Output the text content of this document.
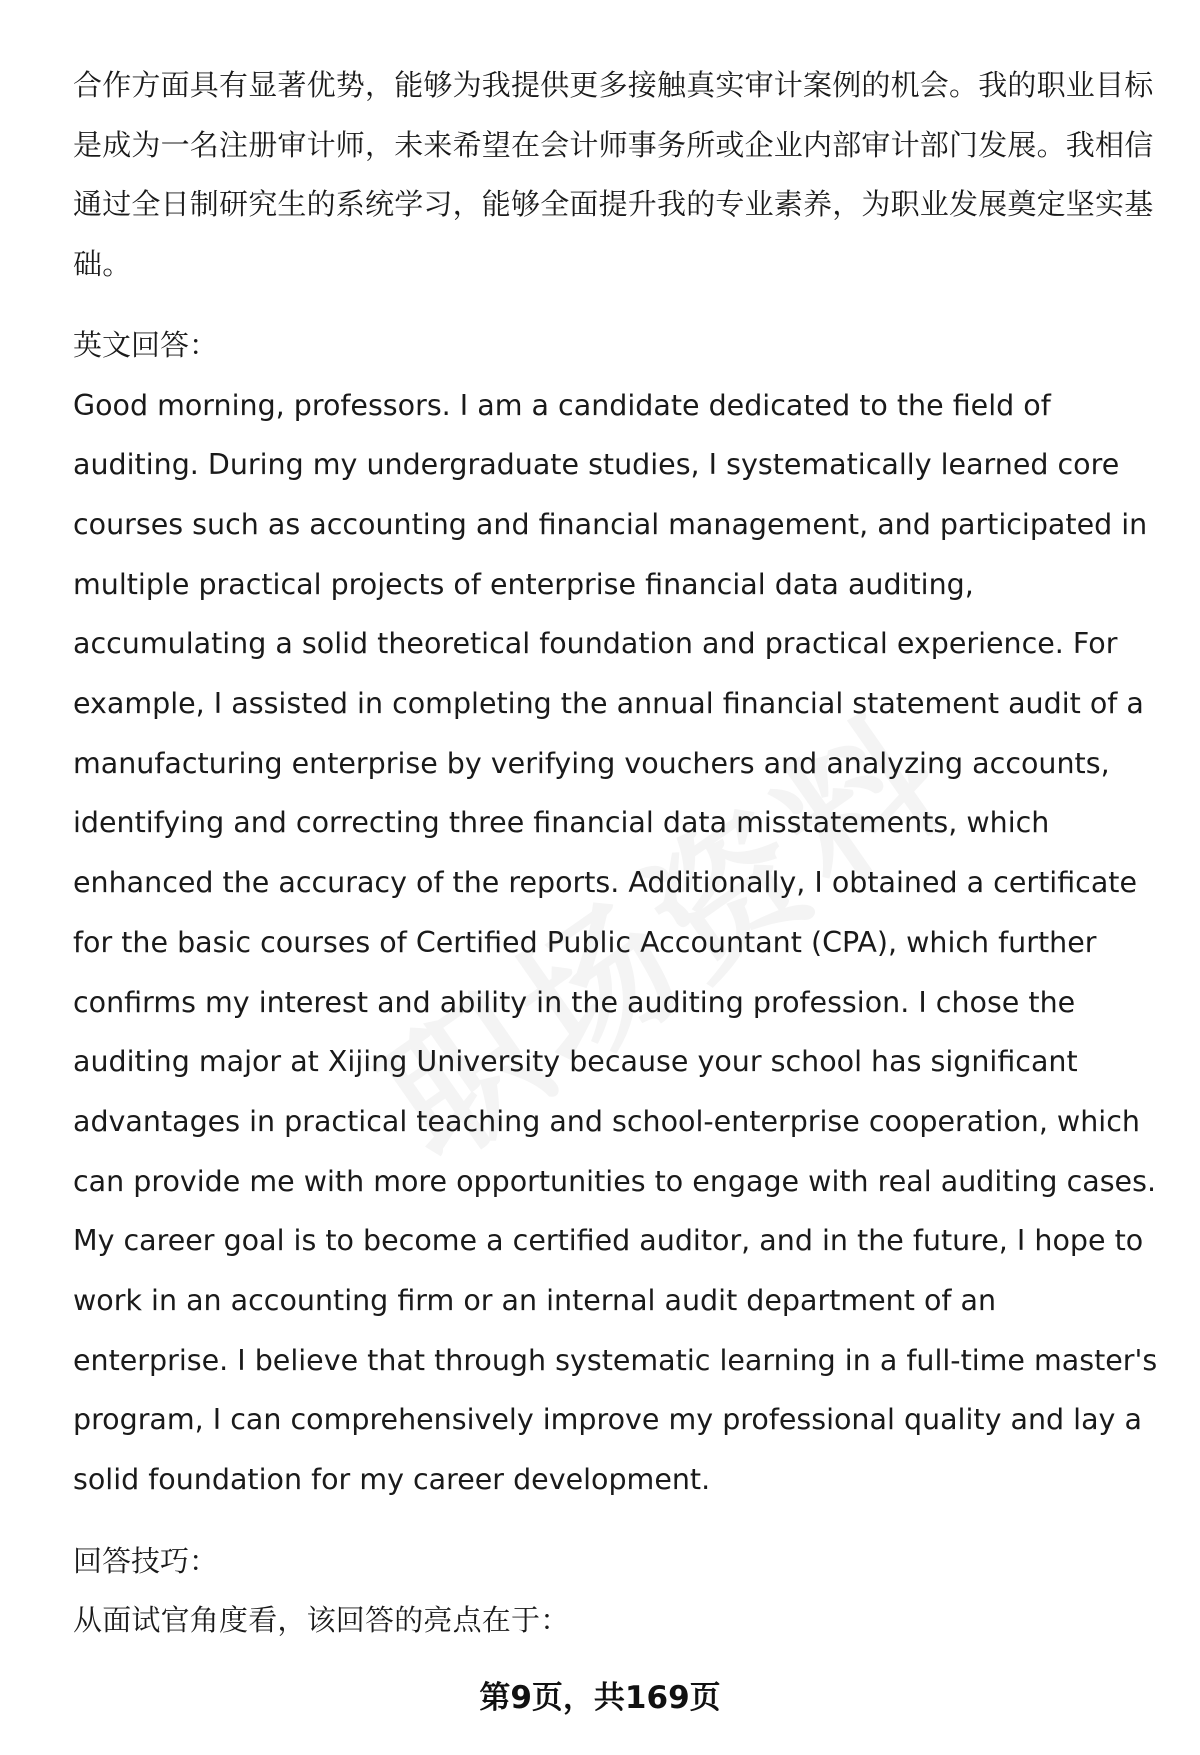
合作方面具有显著优势，能够为我提供更多接触真实审计案例的机会。我的职业目标是成为一名注册审计师，未来希望在会计师事务所或企业内部审计部门发展。我相信通过全日制研究生的系统学习，能够全面提升我的专业素养，为职业发展奠定坚实基础。

英文回答：

Good morning, professors. I am a candidate dedicated to the field of auditing. During my undergraduate studies, I systematically learned core courses such as accounting and financial management, and participated in multiple practical projects of enterprise financial data auditing, accumulating a solid theoretical foundation and practical experience. For example, I assisted in completing the annual financial statement audit of a manufacturing enterprise by verifying vouchers and analyzing accounts, identifying and correcting three financial data misstatements, which enhanced the accuracy of the reports. Additionally, I obtained a certificate for the basic courses of Certified Public Accountant (CPA), which further confirms my interest and ability in the auditing profession. I chose the auditing major at Xijing University because your school has significant advantages in practical teaching and school-enterprise cooperation, which can provide me with more opportunities to engage with real auditing cases. My career goal is to become a certified auditor, and in the future, I hope to work in an accounting firm or an internal audit department of an enterprise. I believe that through systematic learning in a full-time master's program, I can comprehensively improve my professional quality and lay a solid foundation for my career development.

回答技巧：

从面试官角度看，该回答的亮点在于：

第9页，共169页
